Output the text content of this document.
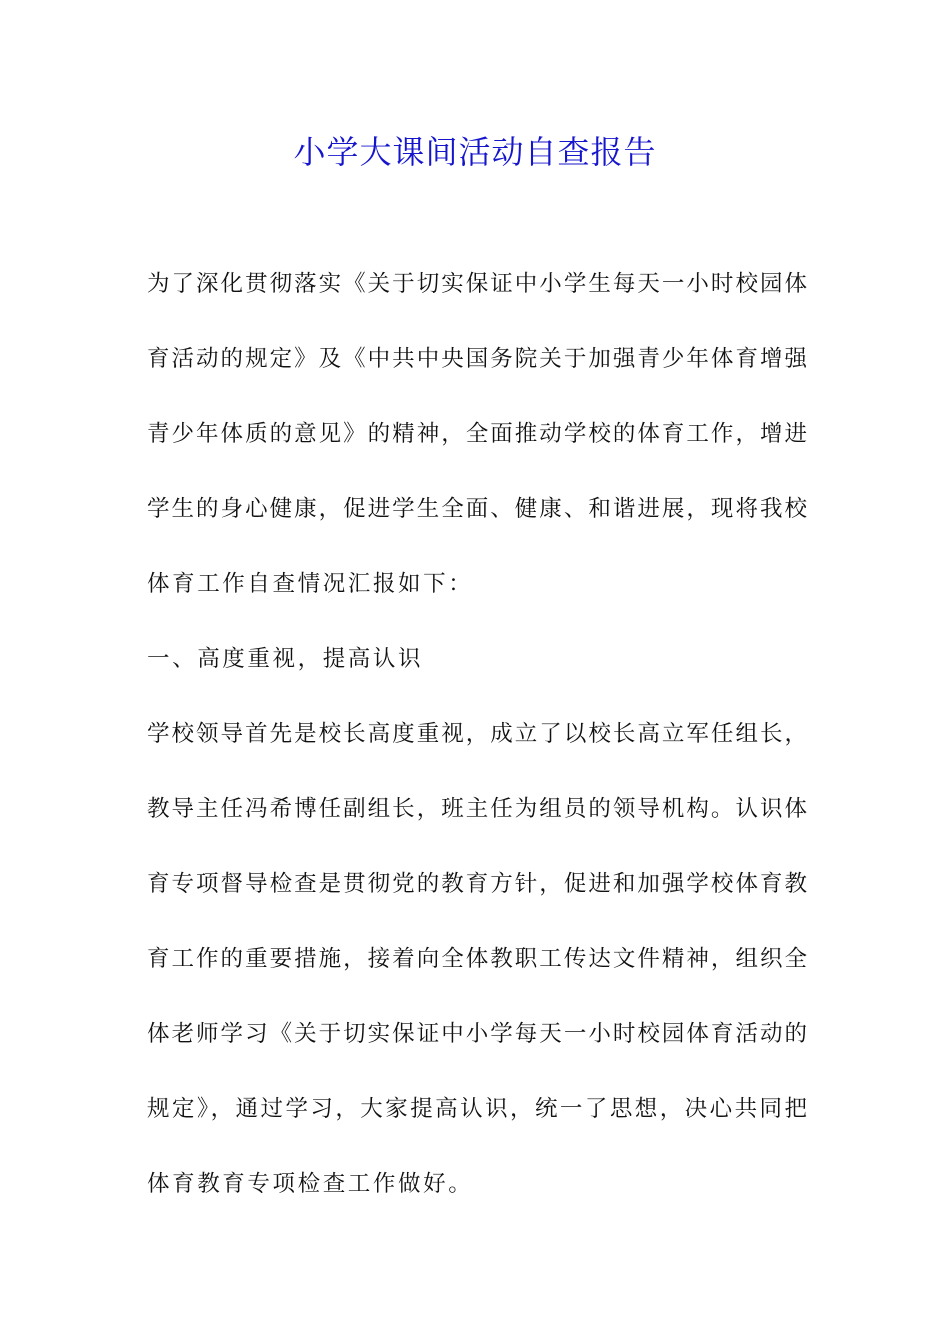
小学大课间活动自查报告
为了深化贯彻落实《关于切实保证中小学生每天一小时校园体
育活动的规定》及《中共中央国务院关于加强青少年体育增强
青少年体质的意见》的精神，全面推动学校的体育工作，增进
学生的身心健康，促进学生全面、健康、和谐进展，现将我校
体育工作自查情况汇报如下：
一、高度重视，提高认识
学校领导首先是校长高度重视，成立了以校长高立军任组长，
教导主任冯希博任副组长，班主任为组员的领导机构。认识体
育专项督导检查是贯彻党的教育方针，促进和加强学校体育教
育工作的重要措施，接着向全体教职工传达文件精神，组织全
体老师学习《关于切实保证中小学每天一小时校园体育活动的
规定》，通过学习，大家提高认识，统一了思想，决心共同把
体育教育专项检查工作做好。
